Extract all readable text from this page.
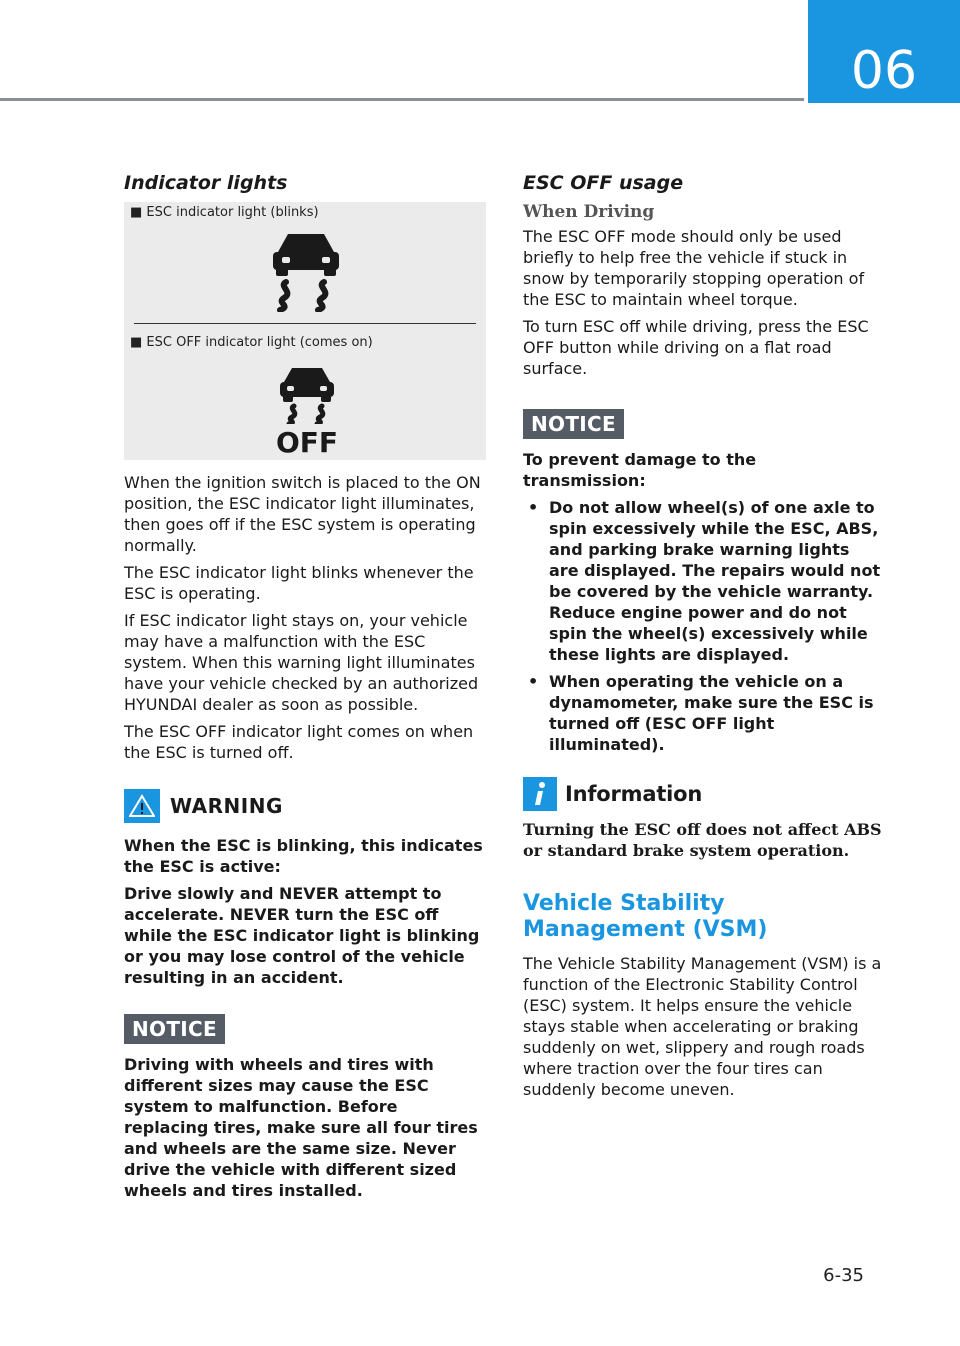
06
Indicator lights
■ ESC indicator light (blinks)
■ ESC OFF indicator light (comes on)
OFF

When the ignition switch is placed to the ON position, the ESC indicator light illuminates, then goes off if the ESC system is operating normally.

The ESC indicator light blinks whenever the ESC is operating.

If ESC indicator light stays on, your vehicle may have a malfunction with the ESC system. When this warning light illuminates have your vehicle checked by an authorized HYUNDAI dealer as soon as possible.

The ESC OFF indicator light comes on when the ESC is turned off.

WARNING

When the ESC is blinking, this indicates the ESC is active:

Drive slowly and NEVER attempt to accelerate. NEVER turn the ESC off while the ESC indicator light is blinking or you may lose control of the vehicle resulting in an accident.

NOTICE

Driving with wheels and tires with different sizes may cause the ESC system to malfunction. Before replacing tires, make sure all four tires and wheels are the same size. Never drive the vehicle with different sized wheels and tires installed.

ESC OFF usage
When Driving

The ESC OFF mode should only be used briefly to help free the vehicle if stuck in snow by temporarily stopping operation of the ESC to maintain wheel torque.

To turn ESC off while driving, press the ESC OFF button while driving on a flat road surface.

NOTICE

To prevent damage to the transmission:

• Do not allow wheel(s) of one axle to spin excessively while the ESC, ABS, and parking brake warning lights are displayed. The repairs would not be covered by the vehicle warranty. Reduce engine power and do not spin the wheel(s) excessively while these lights are displayed.
• When operating the vehicle on a dynamometer, make sure the ESC is turned off (ESC OFF light illuminated).
Information

Turning the ESC off does not affect ABS or standard brake system operation.

Vehicle Stability Management (VSM)

The Vehicle Stability Management (VSM) is a function of the Electronic Stability Control (ESC) system. It helps ensure the vehicle stays stable when accelerating or braking suddenly on wet, slippery and rough roads where traction over the four tires can suddenly become uneven.

6-35
